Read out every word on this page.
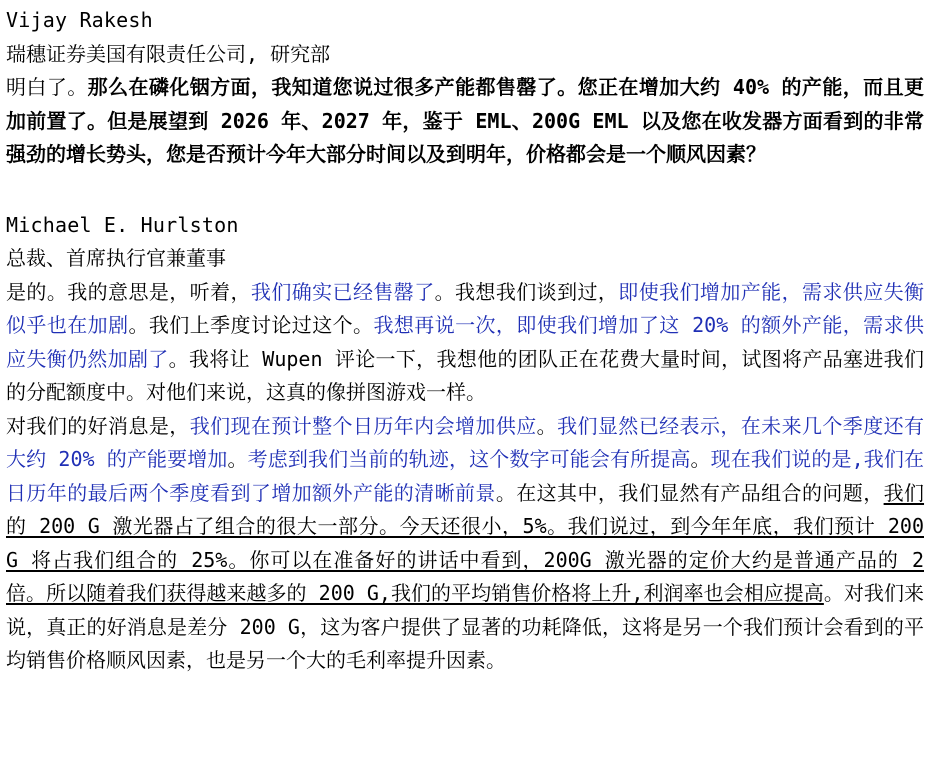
Vijay Rakesh
瑞穗证券美国有限责任公司, 研究部

明白了。那么在磷化铟方面，我知道您说过很多产能都售罄了。您正在增加大约 40% 的产能，而且更加前置了。但是展望到 2026 年、2027 年，鉴于 EML、200G EML 以及您在收发器方面看到的非常强劲的增长势头，您是否预计今年大部分时间以及到明年，价格都会是一个顺风因素？

Michael E. Hurlston
总裁、首席执行官兼董事

是的。我的意思是，听着，我们确实已经售罄了。我想我们谈到过，即使我们增加产能，需求供应失衡似乎也在加剧。我们上季度讨论过这个。我想再说一次，即使我们增加了这 20% 的额外产能，需求供应失衡仍然加剧了。我将让 Wupen 评论一下，我想他的团队正在花费大量时间，试图将产品塞进我们的分配额度中。对他们来说，这真的像拼图游戏一样。

对我们的好消息是，我们现在预计整个日历年内会增加供应。我们显然已经表示，在未来几个季度还有大约 20% 的产能要增加。考虑到我们当前的轨迹，这个数字可能会有所提高。现在我们说的是,我们在日历年的最后两个季度看到了增加额外产能的清晰前景。在这其中，我们显然有产品组合的问题，我们的 200 G 激光器占了组合的很大一部分。今天还很小，5%。我们说过，到今年年底，我们预计 200 G 将占我们组合的 25%。你可以在准备好的讲话中看到，200G 激光器的定价大约是普通产品的 2 倍。所以随着我们获得越来越多的 200 G,我们的平均销售价格将上升,利润率也会相应提高。对我们来说，真正的好消息是差分 200 G，这为客户提供了显著的功耗降低，这将是另一个我们预计会看到的平均销售价格顺风因素，也是另一个大的毛利率提升因素。
